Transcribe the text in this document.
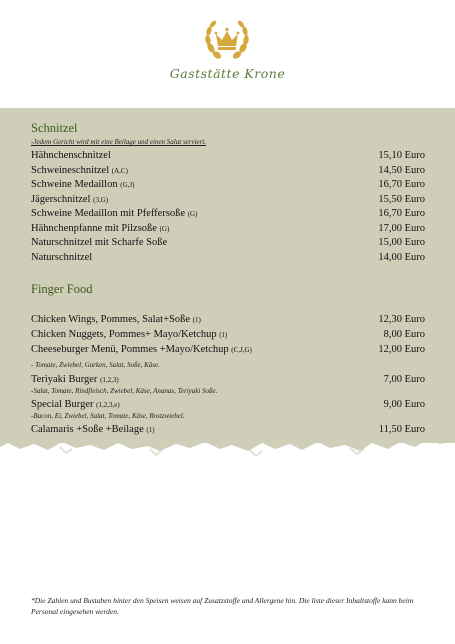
Gaststätte Krone
Schnitzel
-Jedem Gericht wird mit eine Beilage und einen Salat serviert.
Hähnchenschnitzel	15,10 Euro
Schweineschnitzel (A,C)	14,50 Euro
Schweine Medaillon (G,J)	16,70 Euro
Jägerschnitzel (3,G)	15,50 Euro
Schweine Medaillon mit Pfeffersoße (G)	16,70 Euro
Hähnchenpfanne mit Pilzsoße (G)	17,00 Euro
Naturschnitzel mit Scharfe Soße	15,00 Euro
Naturschnitzel	14,00 Euro
Finger Food
Chicken Wings, Pommes, Salat+Soße (1)	12,30 Euro
Chicken Nuggets, Pommes+ Mayo/Ketchup (1)	8,00 Euro
Cheeseburger Menü, Pommes +Mayo/Ketchup (C,J,G)	12,00 Euro
- Tomate, Zwiebel, Gurken, Salat, Soße, Käse.
Teriyaki Burger (1,2,3)	7,00 Euro
-Salat, Tomate, Rindfleisch, Zwiebel, Käse, Ananas, Teriyaki Soße.
Special Burger (1,2,3,e)	9,00 Euro
-Bacon, Ei, Zwiebel, Salat, Tomate, Käse, Rostzwiebel.
Calamaris +Soße +Beilage (1)	11,50 Euro
*Die Zahlen und Bustaben hinter den Speisen weisen auf Zusatzstoffe und Allergene hin. Die liste dieser Inhaltstoffe kann beim Personal eingesehen werden.
